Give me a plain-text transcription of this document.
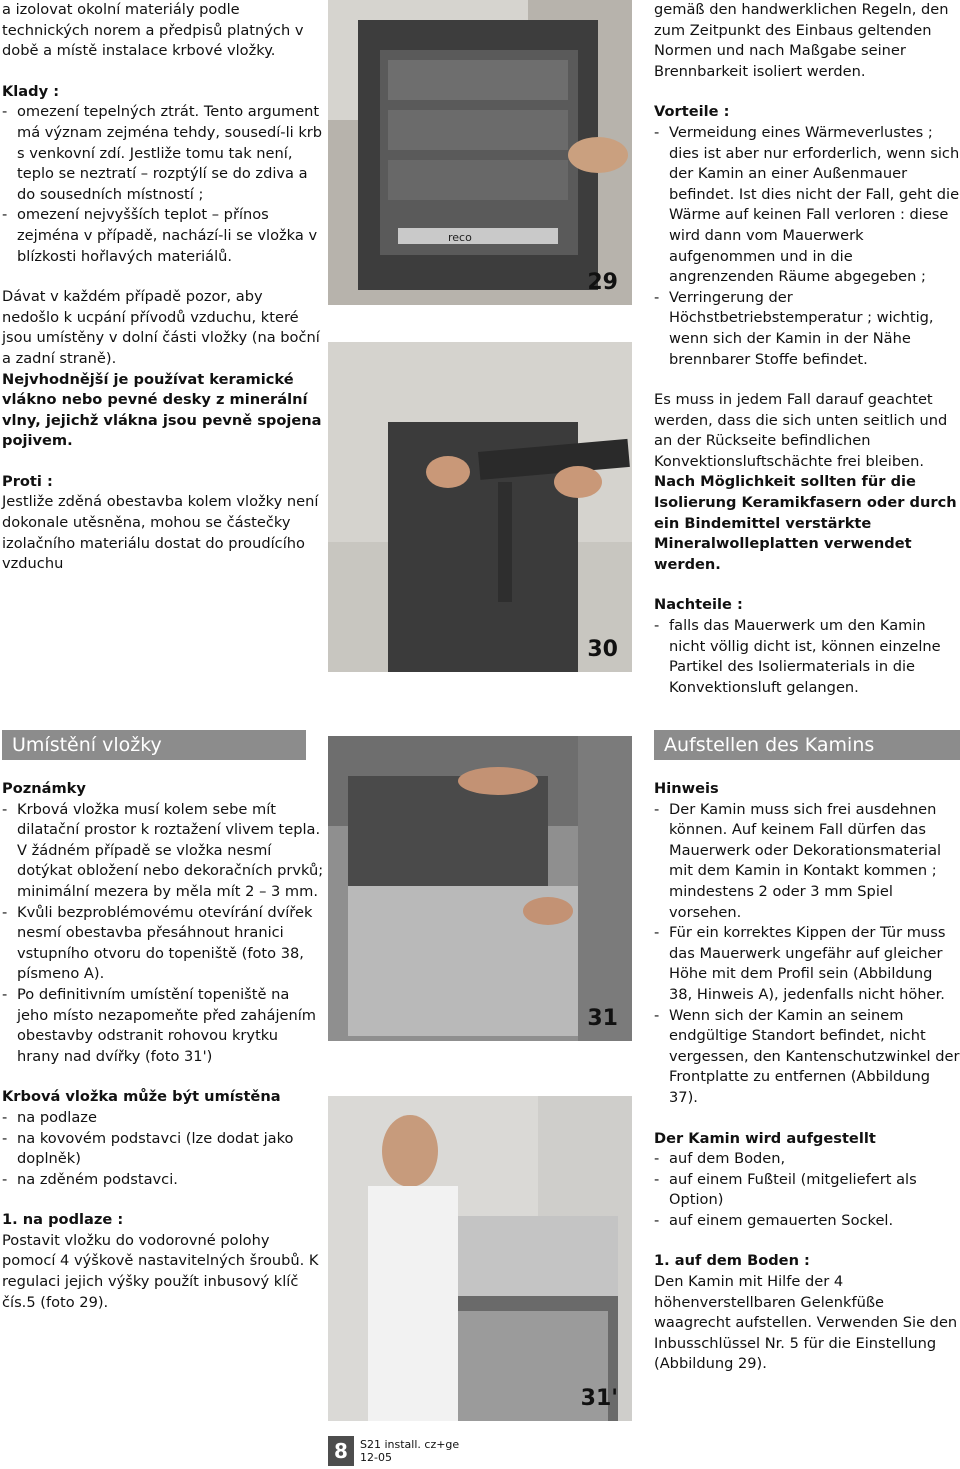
a izolovat okolní materiály podle technických norem a předpisů platných v době a místě instalace krbové vložky.

Klady :

- omezení tepelných ztrát. Tento argument má význam zejména tehdy, sousedí-li krb s venkovní zdí. Jestliže tomu tak není, teplo se neztratí – rozptýlí se do zdiva a do sousedních místností ;
- omezení nejvyšších teplot – přínos zejména v případě, nachází-li se vložka v blízkosti hořlavých materiálů.

Dávat v každém případě pozor, aby nedošlo k ucpání přívodů vzduchu, které jsou umístěny v dolní části vložky (na boční a zadní straně).

Nejvhodnější je používat keramické vlákno nebo pevné desky z minerální vlny, jejichž vlákna jsou pevně spojena pojivem.

Proti :

Jestliže zděná obestavba kolem vložky není dokonale utěsněna, mohou se částečky izolačního materiálu dostat do proudícího vzduchu

gemäß den handwerklichen Regeln, den zum Zeitpunkt des Einbaus geltenden Normen und nach Maßgabe seiner Brennbarkeit isoliert werden.

Vorteile :

- Vermeidung eines Wärmeverlustes ; dies ist aber nur erforderlich, wenn sich der Kamin an einer Außenmauer befindet. Ist dies nicht der Fall, geht die Wärme auf keinen Fall verloren : diese wird dann vom Mauerwerk aufgenommen und in die angrenzenden Räume abgegeben ;
- Verringerung der Höchstbetriebstemperatur ; wichtig, wenn sich der Kamin in der Nähe brennbarer Stoffe befindet.

Es muss in jedem Fall darauf geachtet werden, dass die sich unten seitlich und an der Rückseite befindlichen Konvektionsluftschächte frei bleiben.

Nach Möglichkeit sollten für die Isolierung Keramikfasern oder durch ein Bindemittel verstärkte Mineralwolleplatten verwendet werden.

Nachteile :

- falls das Mauerwerk um den Kamin nicht völlig dicht ist, können einzelne Partikel des Isoliermaterials in die Konvektionsluft gelangen.
reco
29
30
31
31'
Umístění vložky	Aufstellen des Kamins

Poznámky

- Krbová vložka musí kolem sebe mít dilatační prostor k roztažení vlivem tepla. V žádném případě se vložka nesmí dotýkat obložení nebo dekoračních prvků; minimální mezera by měla mít 2 – 3 mm.
- Kvůli bezproblémovému otevírání dvířek nesmí obestavba přesáhnout hranici vstupního otvoru do topeniště (foto 38, písmeno A).
- Po definitivním umístění topeniště na jeho místo nezapomeňte před zahájením obestavby odstranit rohovou krytku hrany nad dvířky (foto 31')

Krbová vložka může být umístěna

- na podlaze
- na kovovém podstavci (lze dodat jako doplněk)
- na zděném podstavci.

1. na podlaze :

Postavit vložku do vodorovné polohy pomocí 4 výškově nastavitelných šroubů. K regulaci jejich výšky použít inbusový klíč čís.5 (foto 29).

Hinweis

- Der Kamin muss sich frei ausdehnen können. Auf keinem Fall dürfen das Mauerwerk oder Dekorationsmaterial mit dem Kamin in Kontakt kommen ; mindestens 2 oder 3 mm Spiel vorsehen.
- Für ein korrektes Kippen der Tür muss das Mauerwerk ungefähr auf gleicher Höhe mit dem Profil sein (Abbildung 38, Hinweis A), jedenfalls nicht höher.
- Wenn sich der Kamin an seinem endgültige Standort befindet, nicht vergessen, den Kantenschutzwinkel der Frontplatte zu entfernen (Abbildung 37).

Der Kamin wird aufgestellt

- auf dem Boden,
- auf einem Fußteil (mitgeliefert als Option)
- auf einem gemauerten Sockel.

1. auf dem Boden :

Den Kamin mit Hilfe der 4 höhenverstellbaren Gelenkfüße waagrecht aufstellen. Verwenden Sie den Inbusschlüssel Nr. 5 für die Einstellung (Abbildung 29).

8	S21 install. cz+ge
12-05
